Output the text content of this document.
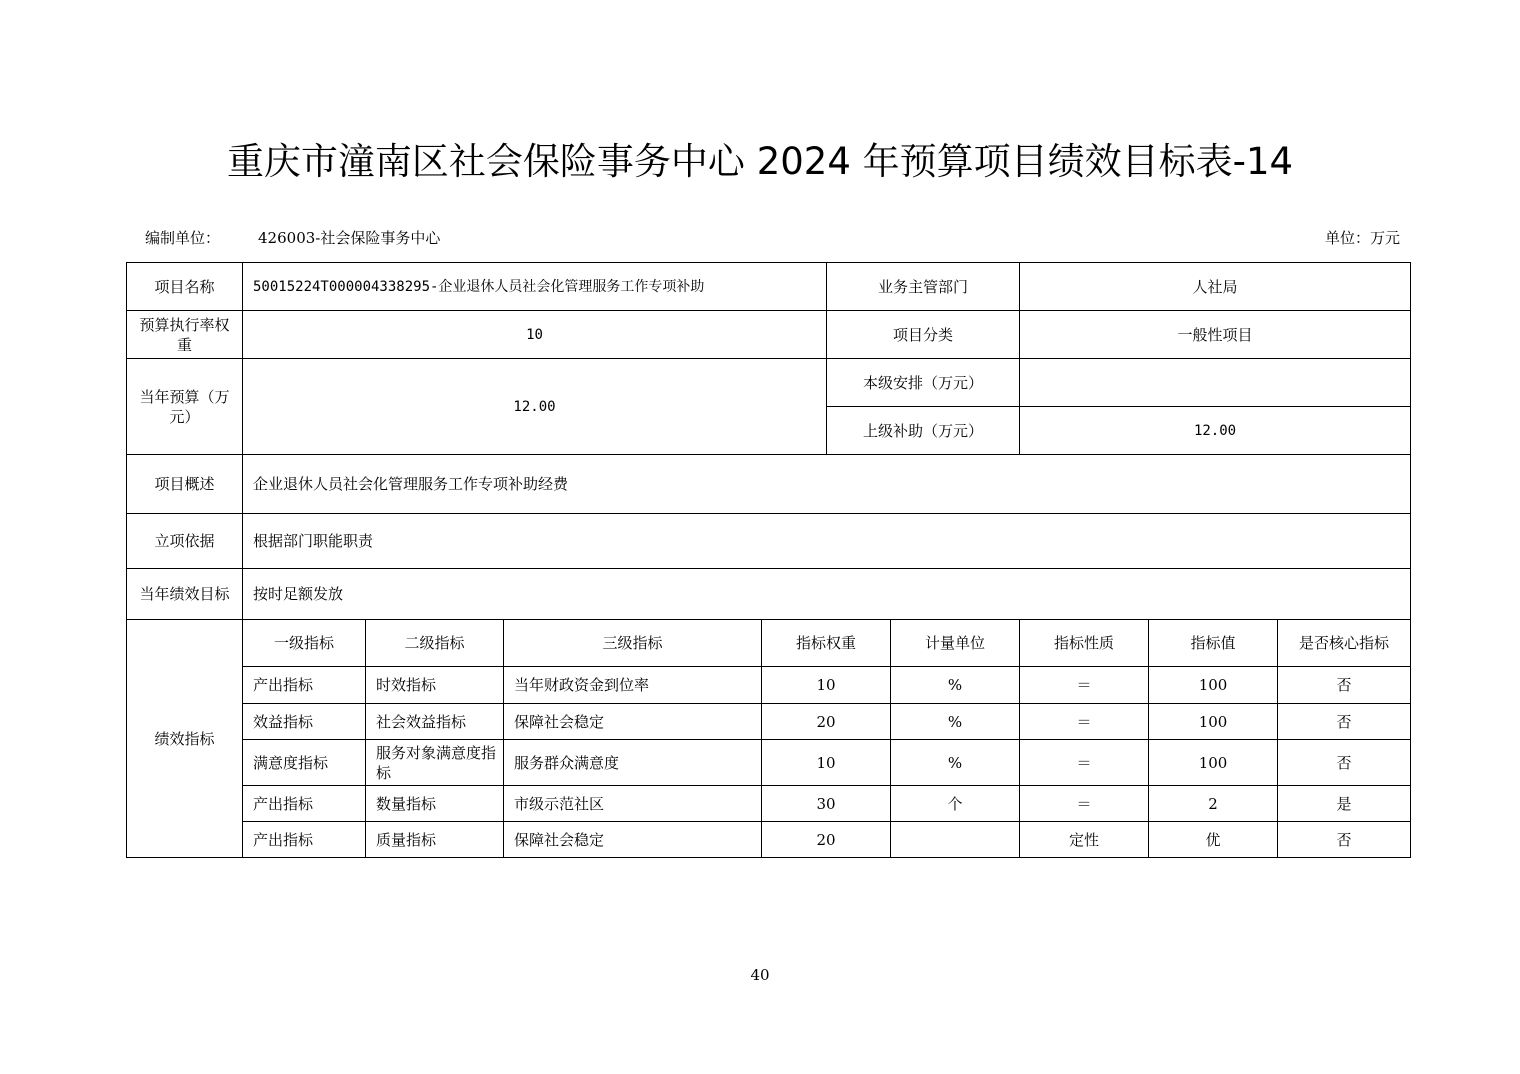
重庆市潼南区社会保险事务中心 2024 年预算项目绩效目标表-14
编制单位：	426003-社会保险事务中心	单位：万元
项目名称	50015224T000004338295-企业退休人员社会化管理服务工作专项补助				业务主管部门		人社局		
预算执行率权重	10				项目分类		一般性项目		
当年预算（万元）	12.00				本级安排（万元）				
					上级补助（万元）		12.00		
项目概述	企业退休人员社会化管理服务工作专项补助经费								
立项依据	根据部门职能职责								
当年绩效目标	按时足额发放								
绩效指标	一级指标	二级指标	三级指标	指标权重		计量单位	指标性质	指标值	是否核心指标
	产出指标	时效指标	当年财政资金到位率	10		%	＝	100	否
	效益指标	社会效益指标	保障社会稳定	20		%	＝	100	否
	满意度指标	服务对象满意度指标	服务群众满意度	10		%	＝	100	否
	产出指标	数量指标	市级示范社区	30		个	＝	2	是
	产出指标	质量指标	保障社会稳定	20			定性	优	否
40
